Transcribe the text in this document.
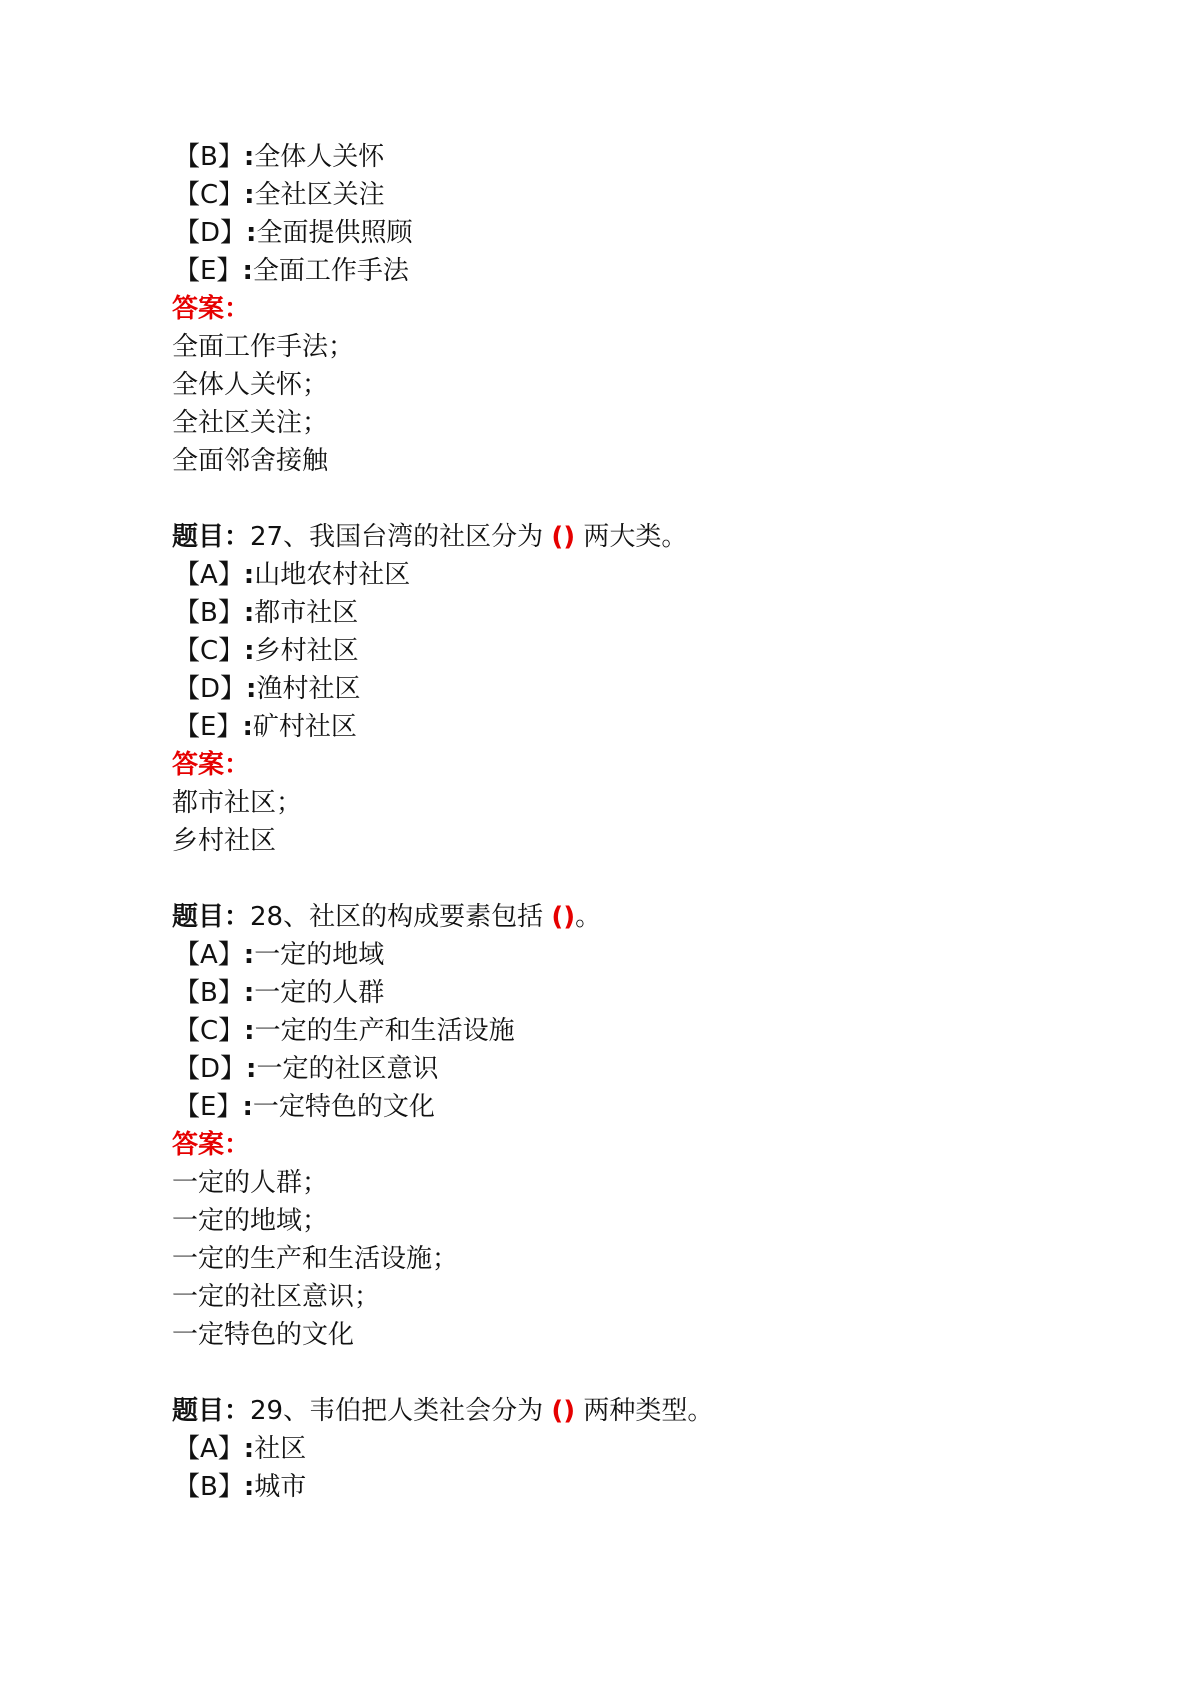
【B】:全体人关怀
【C】:全社区关注
【D】:全面提供照顾
【E】:全面工作手法
答案：
全面工作手法；
全体人关怀；
全社区关注；
全面邻舍接触
题目：27、我国台湾的社区分为 () 两大类。
【A】:山地农村社区
【B】:都市社区
【C】:乡村社区
【D】:渔村社区
【E】:矿村社区
答案：
都市社区；
乡村社区
题目：28、社区的构成要素包括 ()。
【A】:一定的地域
【B】:一定的人群
【C】:一定的生产和生活设施
【D】:一定的社区意识
【E】:一定特色的文化
答案：
一定的人群；
一定的地域；
一定的生产和生活设施；
一定的社区意识；
一定特色的文化
题目：29、韦伯把人类社会分为 () 两种类型。
【A】:社区
【B】:城市
